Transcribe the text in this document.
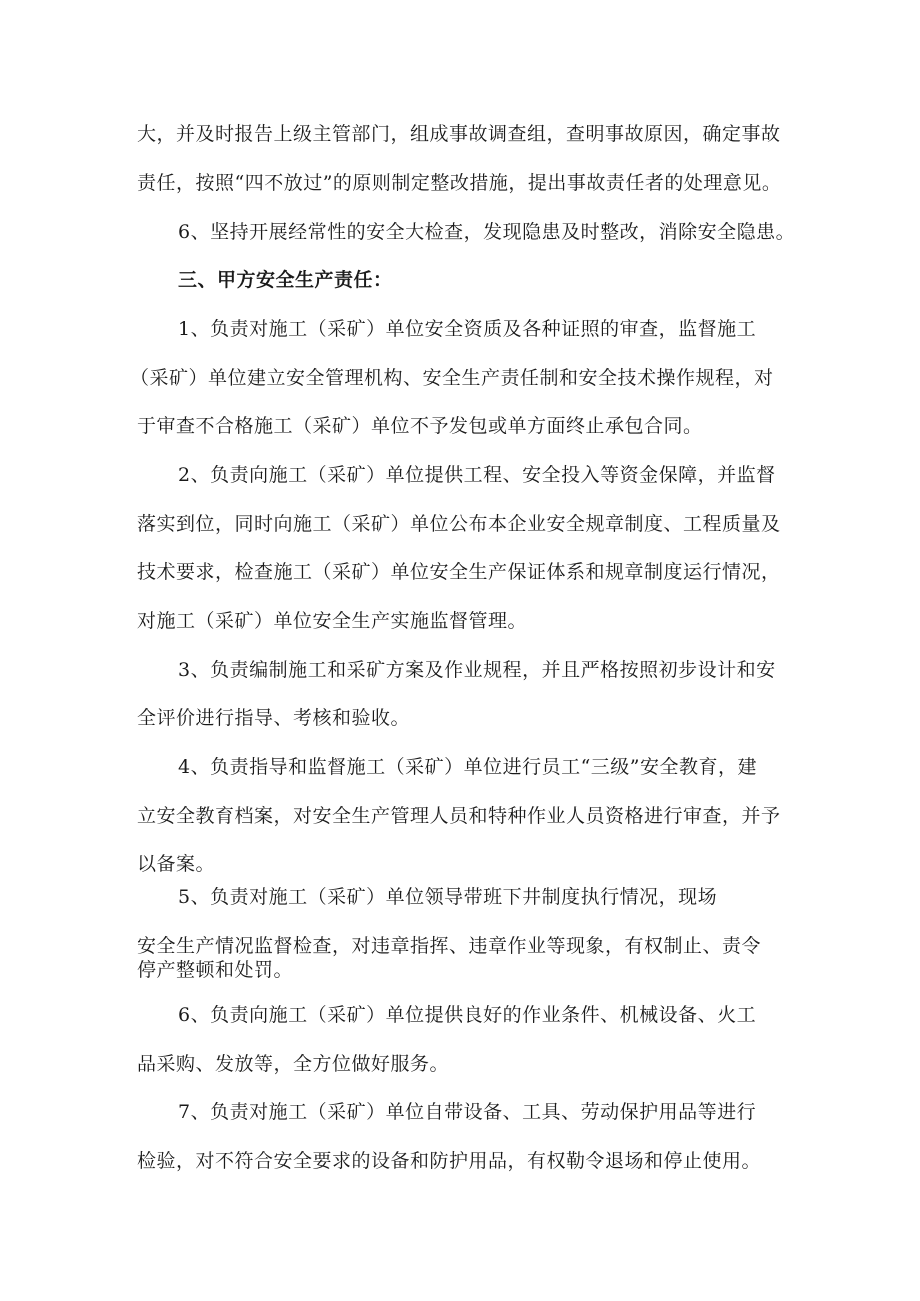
大，并及时报告上级主管部门，组成事故调查组，查明事故原因，确定事故
责任，按照“四不放过”的原则制定整改措施，提出事故责任者的处理意见。
6、坚持开展经常性的安全大检查，发现隐患及时整改，消除安全隐患。
三、甲方安全生产责任：
1、负责对施工（采矿）单位安全资质及各种证照的审查，监督施工
（采矿）单位建立安全管理机构、安全生产责任制和安全技术操作规程，对
于审查不合格施工（采矿）单位不予发包或单方面终止承包合同。
2、负责向施工（采矿）单位提供工程、安全投入等资金保障，并监督
落实到位，同时向施工（采矿）单位公布本企业安全规章制度、工程质量及
技术要求，检查施工（采矿）单位安全生产保证体系和规章制度运行情况，
对施工（采矿）单位安全生产实施监督管理。
3、负责编制施工和采矿方案及作业规程，并且严格按照初步设计和安
全评价进行指导、考核和验收。
4、负责指导和监督施工（采矿）单位进行员工“三级”安全教育，建
立安全教育档案，对安全生产管理人员和特种作业人员资格进行审查，并予
以备案。
5、负责对施工（采矿）单位领导带班下井制度执行情况，现场
安全生产情况监督检查，对违章指挥、违章作业等现象，有权制止、责令
停产整顿和处罚。
6、负责向施工（采矿）单位提供良好的作业条件、机械设备、火工
品采购、发放等，全方位做好服务。
7、负责对施工（采矿）单位自带设备、工具、劳动保护用品等进行
检验，对不符合安全要求的设备和防护用品，有权勒令退场和停止使用。
